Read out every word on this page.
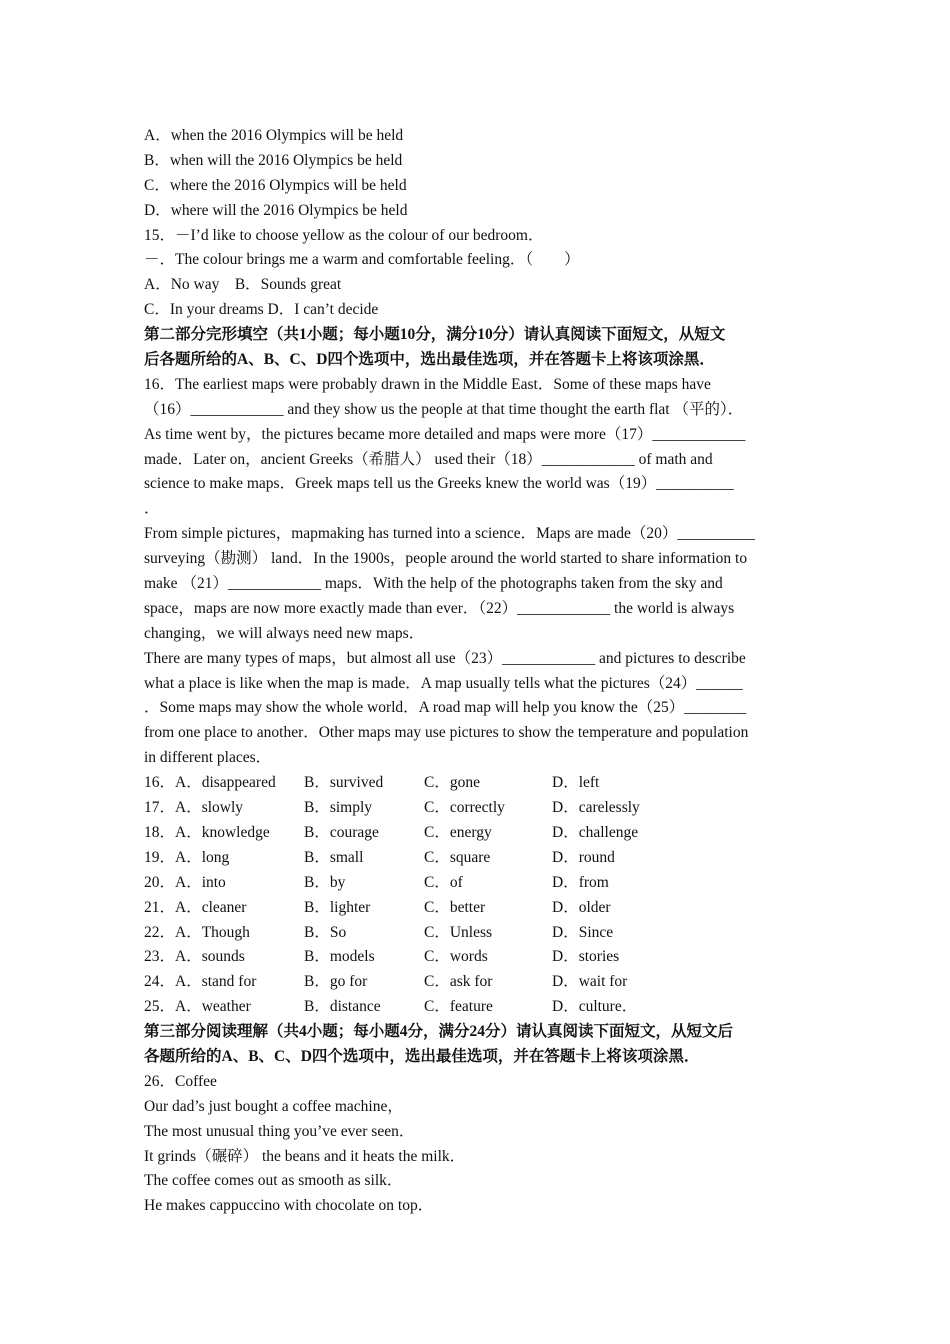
A．when the 2016 Olympics will be held
B．when will the 2016 Olympics be held
C．where the 2016 Olympics will be held
D．where will the 2016 Olympics be held
15．－I’d like to choose yellow as the colour of our bedroom．
－．The colour brings me a warm and comfortable feeling．（　　）
A．No way　B．Sounds great
C．In your dreams D．I can’t decide
第二部分完形填空（共1小题；每小题10分，满分10分）请认真阅读下面短文，从短文
后各题所给的A、B、C、D四个选项中，选出最佳选项，并在答题卡上将该项涂黑．
16．The earliest maps were probably drawn in the Middle East．Some of these maps have
（16）____________ and they show us the people at that time thought the earth flat （平的）．
As time went by，the pictures became more detailed and maps were more（17）____________
made．Later on，ancient Greeks（希腊人） used their（18）____________ of math and
science to make maps．Greek maps tell us the Greeks knew the world was（19）__________
．
From simple pictures，mapmaking has turned into a science．Maps are made（20）__________
surveying（勘测） land．In the 1900s，people around the world started to share information to
make （21）____________ maps．With the help of the photographs taken from the sky and
space，maps are now more exactly made than ever．（22）____________ the world is always
changing，we will always need new maps．
There are many types of maps，but almost all use（23）____________ and pictures to describe
what a place is like when the map is made．A map usually tells what the pictures（24）______
．Some maps may show the whole world．A road map will help you know the（25）________
from one place to another．Other maps may use pictures to show the temperature and population
in different places．
16．A．disappeared	B．survived	C．gone	D．left
17．A．slowly	B．simply	C．correctly	D．carelessly
18．A．knowledge	B．courage	C．energy	D．challenge
19．A．long	B．small	C．square	D．round
20．A．into	B．by	C．of	D．from
21．A．cleaner	B．lighter	C．better	D．older
22．A．Though	B．So	C．Unless	D．Since
23．A．sounds	B．models	C．words	D．stories
24．A．stand for	B．go for	C．ask for	D．wait for
25．A．weather	B．distance	C．feature	D．culture．
第三部分阅读理解（共4小题；每小题4分，满分24分）请认真阅读下面短文，从短文后
各题所给的A、B、C、D四个选项中，选出最佳选项，并在答题卡上将该项涂黑．
26．Coffee
Our dad’s just bought a coffee machine，
The most unusual thing you’ve ever seen．
It grinds（碾碎） the beans and it heats the milk．
The coffee comes out as smooth as silk．
He makes cappuccino with chocolate on top．
